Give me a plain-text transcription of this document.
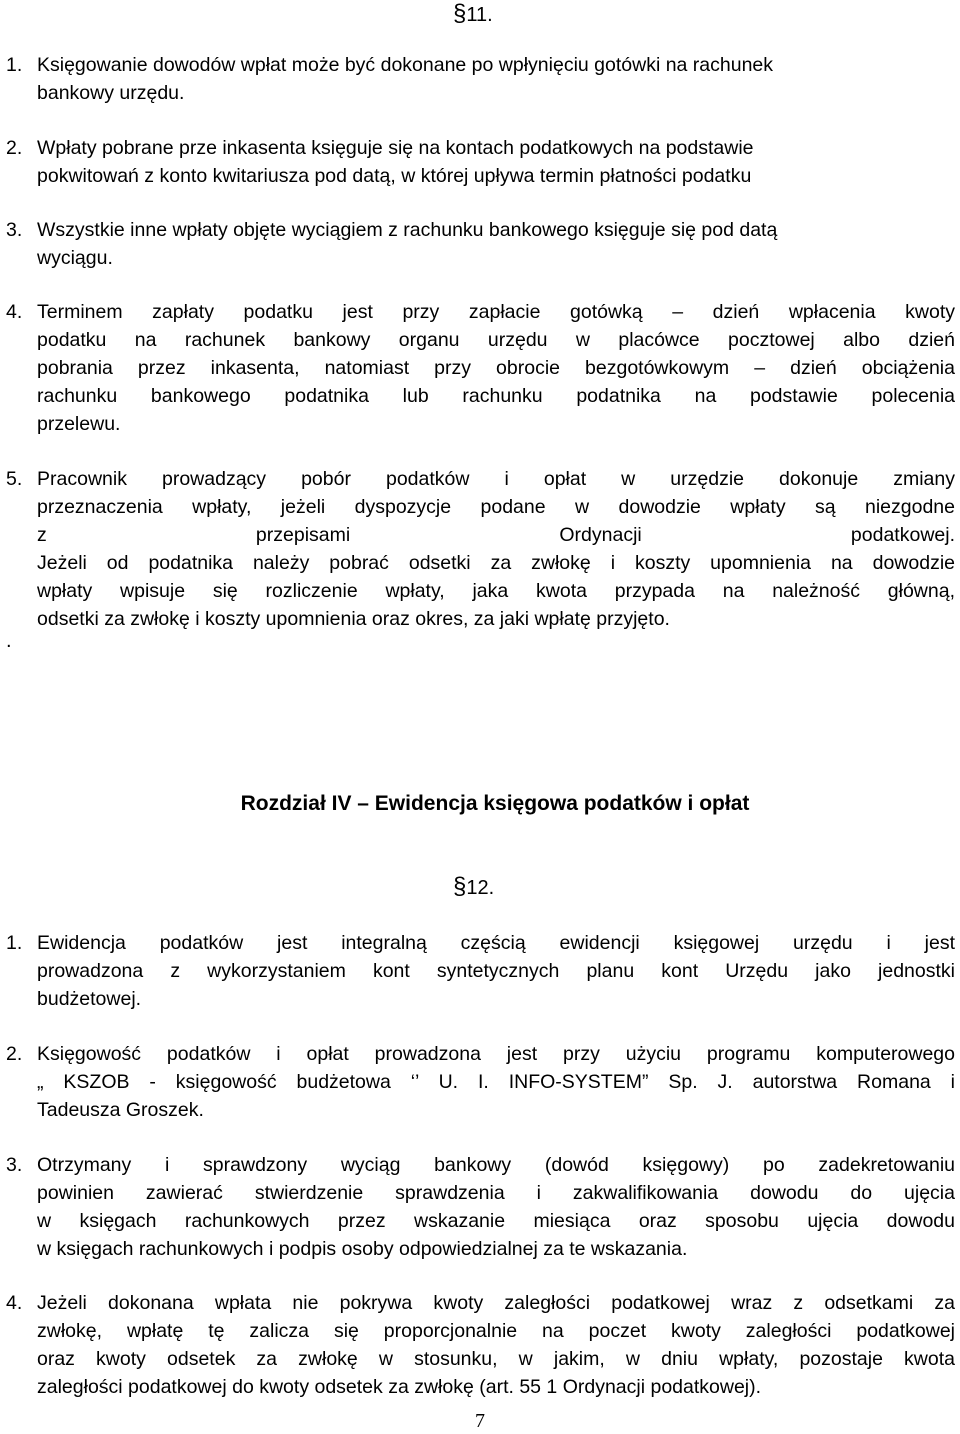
§11.
1. Księgowanie dowodów wpłat może być dokonane po wpłynięciu gotówki na rachunek
bankowy urzędu.
2. Wpłaty pobrane prze inkasenta księguje się na kontach podatkowych na podstawie
pokwitowań z konto kwitariusza pod datą, w której upływa termin płatności podatku
3. Wszystkie inne wpłaty objęte wyciągiem z rachunku bankowego księguje się pod datą
wyciągu.
4. Terminem zapłaty podatku jest przy zapłacie gotówką – dzień wpłacenia kwoty
podatku na rachunek bankowy organu urzędu w placówce pocztowej albo dzień
pobrania przez inkasenta, natomiast przy obrocie bezgotówkowym – dzień obciążenia
rachunku bankowego podatnika lub rachunku podatnika na podstawie polecenia
przelewu.
5. Pracownik prowadzący pobór podatków i opłat w urzędzie dokonuje zmiany
przeznaczenia wpłaty, jeżeli dyspozycje podane w dowodzie wpłaty są niezgodne
z przepisami Ordynacji podatkowej.
Jeżeli od podatnika należy pobrać odsetki za zwłokę i koszty upomnienia na dowodzie
wpłaty wpisuje się rozliczenie wpłaty, jaka kwota przypada na należność główną,
odsetki za zwłokę i koszty upomnienia oraz okres, za jaki wpłatę przyjęto.
.
Rozdział IV – Ewidencja księgowa podatków i opłat
§12.
1. Ewidencja podatków jest integralną częścią ewidencji księgowej urzędu i jest
prowadzona z wykorzystaniem kont syntetycznych planu kont Urzędu jako jednostki
budżetowej.
2. Księgowość podatków i opłat prowadzona jest przy użyciu programu komputerowego
„ KSZOB - księgowość budżetowa ‘’ U. I. INFO-SYSTEM” Sp. J. autorstwa Romana i
Tadeusza Groszek.
3. Otrzymany i sprawdzony wyciąg bankowy (dowód księgowy) po zadekretowaniu
powinien zawierać stwierdzenie sprawdzenia i zakwalifikowania dowodu do ujęcia
w księgach rachunkowych przez wskazanie miesiąca oraz sposobu ujęcia dowodu
w księgach rachunkowych i podpis osoby odpowiedzialnej za te wskazania.
4. Jeżeli dokonana wpłata nie pokrywa kwoty zaległości podatkowej wraz z odsetkami za
zwłokę, wpłatę tę zalicza się proporcjonalnie na poczet kwoty zaległości podatkowej
oraz kwoty odsetek za zwłokę w stosunku, w jakim, w dniu wpłaty, pozostaje kwota
zaległości podatkowej do kwoty odsetek za zwłokę (art. 55 1 Ordynacji podatkowej).
7
